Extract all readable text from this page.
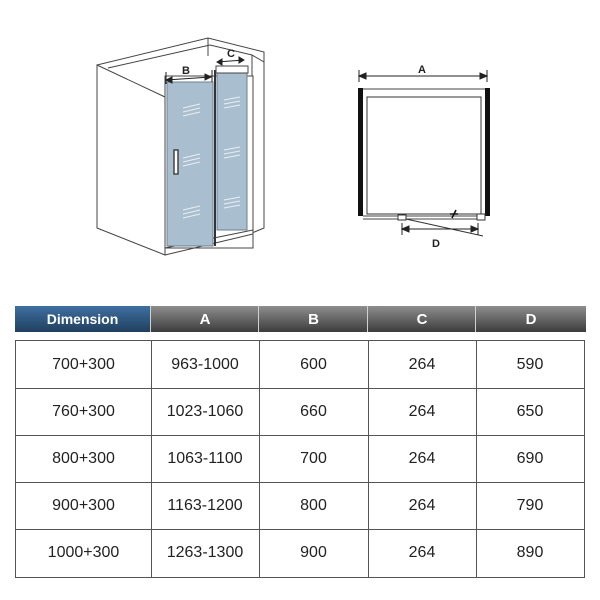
B
C
A
D
Dimension	A	B	C	D
700+300	963-1000	600	264	590
760+300	1023-1060	660	264	650
800+300	1063-1100	700	264	690
900+300	1163-1200	800	264	790
1000+300	1263-1300	900	264	890
